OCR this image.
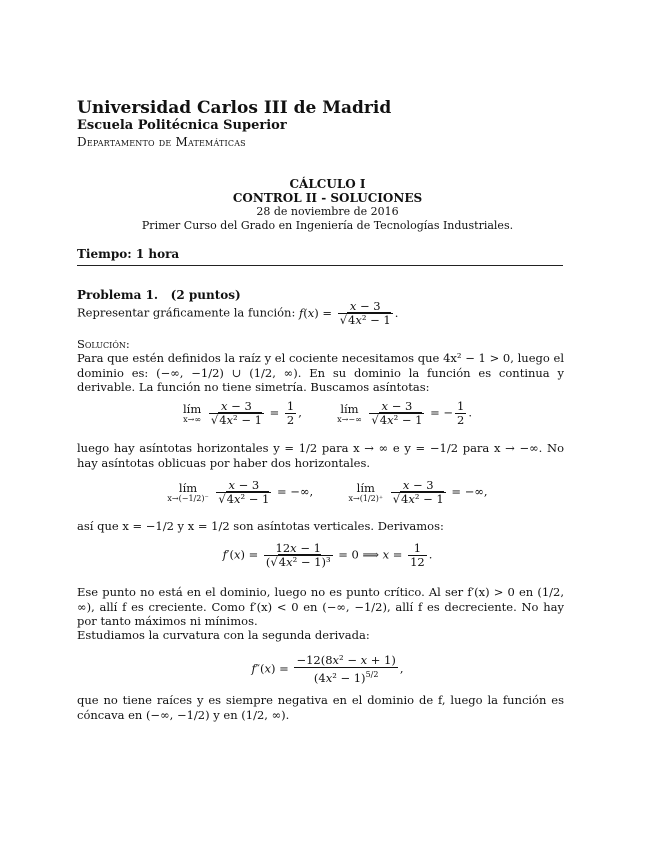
Universidad Carlos III de Madrid
Escuela Politécnica Superior
Departamento de Matemáticas
CÁLCULO I
CONTROL II - SOLUCIONES
28 de noviembre de 2016
Primer Curso del Grado en Ingeniería de Tecnologías Industriales.
Tiempo: 1 hora
Problema 1.   (2 puntos)
Representar gráficamente la función: $f(x) = \frac{x - 3}{\text{√4x² − 1}}$ .
Solución:
Para que estén definidos la raíz y el cociente necesitamos que 4x² − 1 > 0, luego el dominio es: (−∞, −1/2) ∪ (1/2, ∞). En su dominio la función es continua y derivable. La función no tiene simetría. Buscamos asíntotas:
lím
x→∞
$\frac{x - 3}{\text{√4x² − 1}} = \frac{1}{2}$ ,	lím
x→−∞
$\frac{x - 3}{\text{√4x² − 1}}$ = − $\frac{1}{2}$ .
luego hay asíntotas horizontales y = 1/2 para x → ∞ e y = −1/2 para x → −∞. No hay asíntotas oblicuas por haber dos horizontales.
lím
x→(−1/2)⁻
$\frac{x - 3}{\text{√4x² − 1}}$ = −∞,	lím
x→(1/2)⁺
$\frac{x - 3}{\text{√4x² − 1}}$ = −∞,
así que x = −1/2 y x = 1/2 son asíntotas verticales. Derivamos:
$f'(x) = \frac{12x - 1}{\text{(√4x² − 1)³}} = 0$ ⟹ $x = \frac{1}{12}$ .
Ese punto no está en el dominio, luego no es punto crítico. Al ser f′(x) > 0 en (1/2, ∞), allí f es creciente. Como f′(x) < 0 en (−∞, −1/2), allí f es decreciente. No hay por tanto máximos ni mínimos.
Estudiamos la curvatura con la segunda derivada:
$f''(x) = \frac{\text{−12(8x² − x + 1)}}{(4x^2 - 1)^{5/2}}$ ,
que no tiene raíces y es siempre negativa en el dominio de f, luego la función es cóncava en (−∞, −1/2) y en (1/2, ∞).
